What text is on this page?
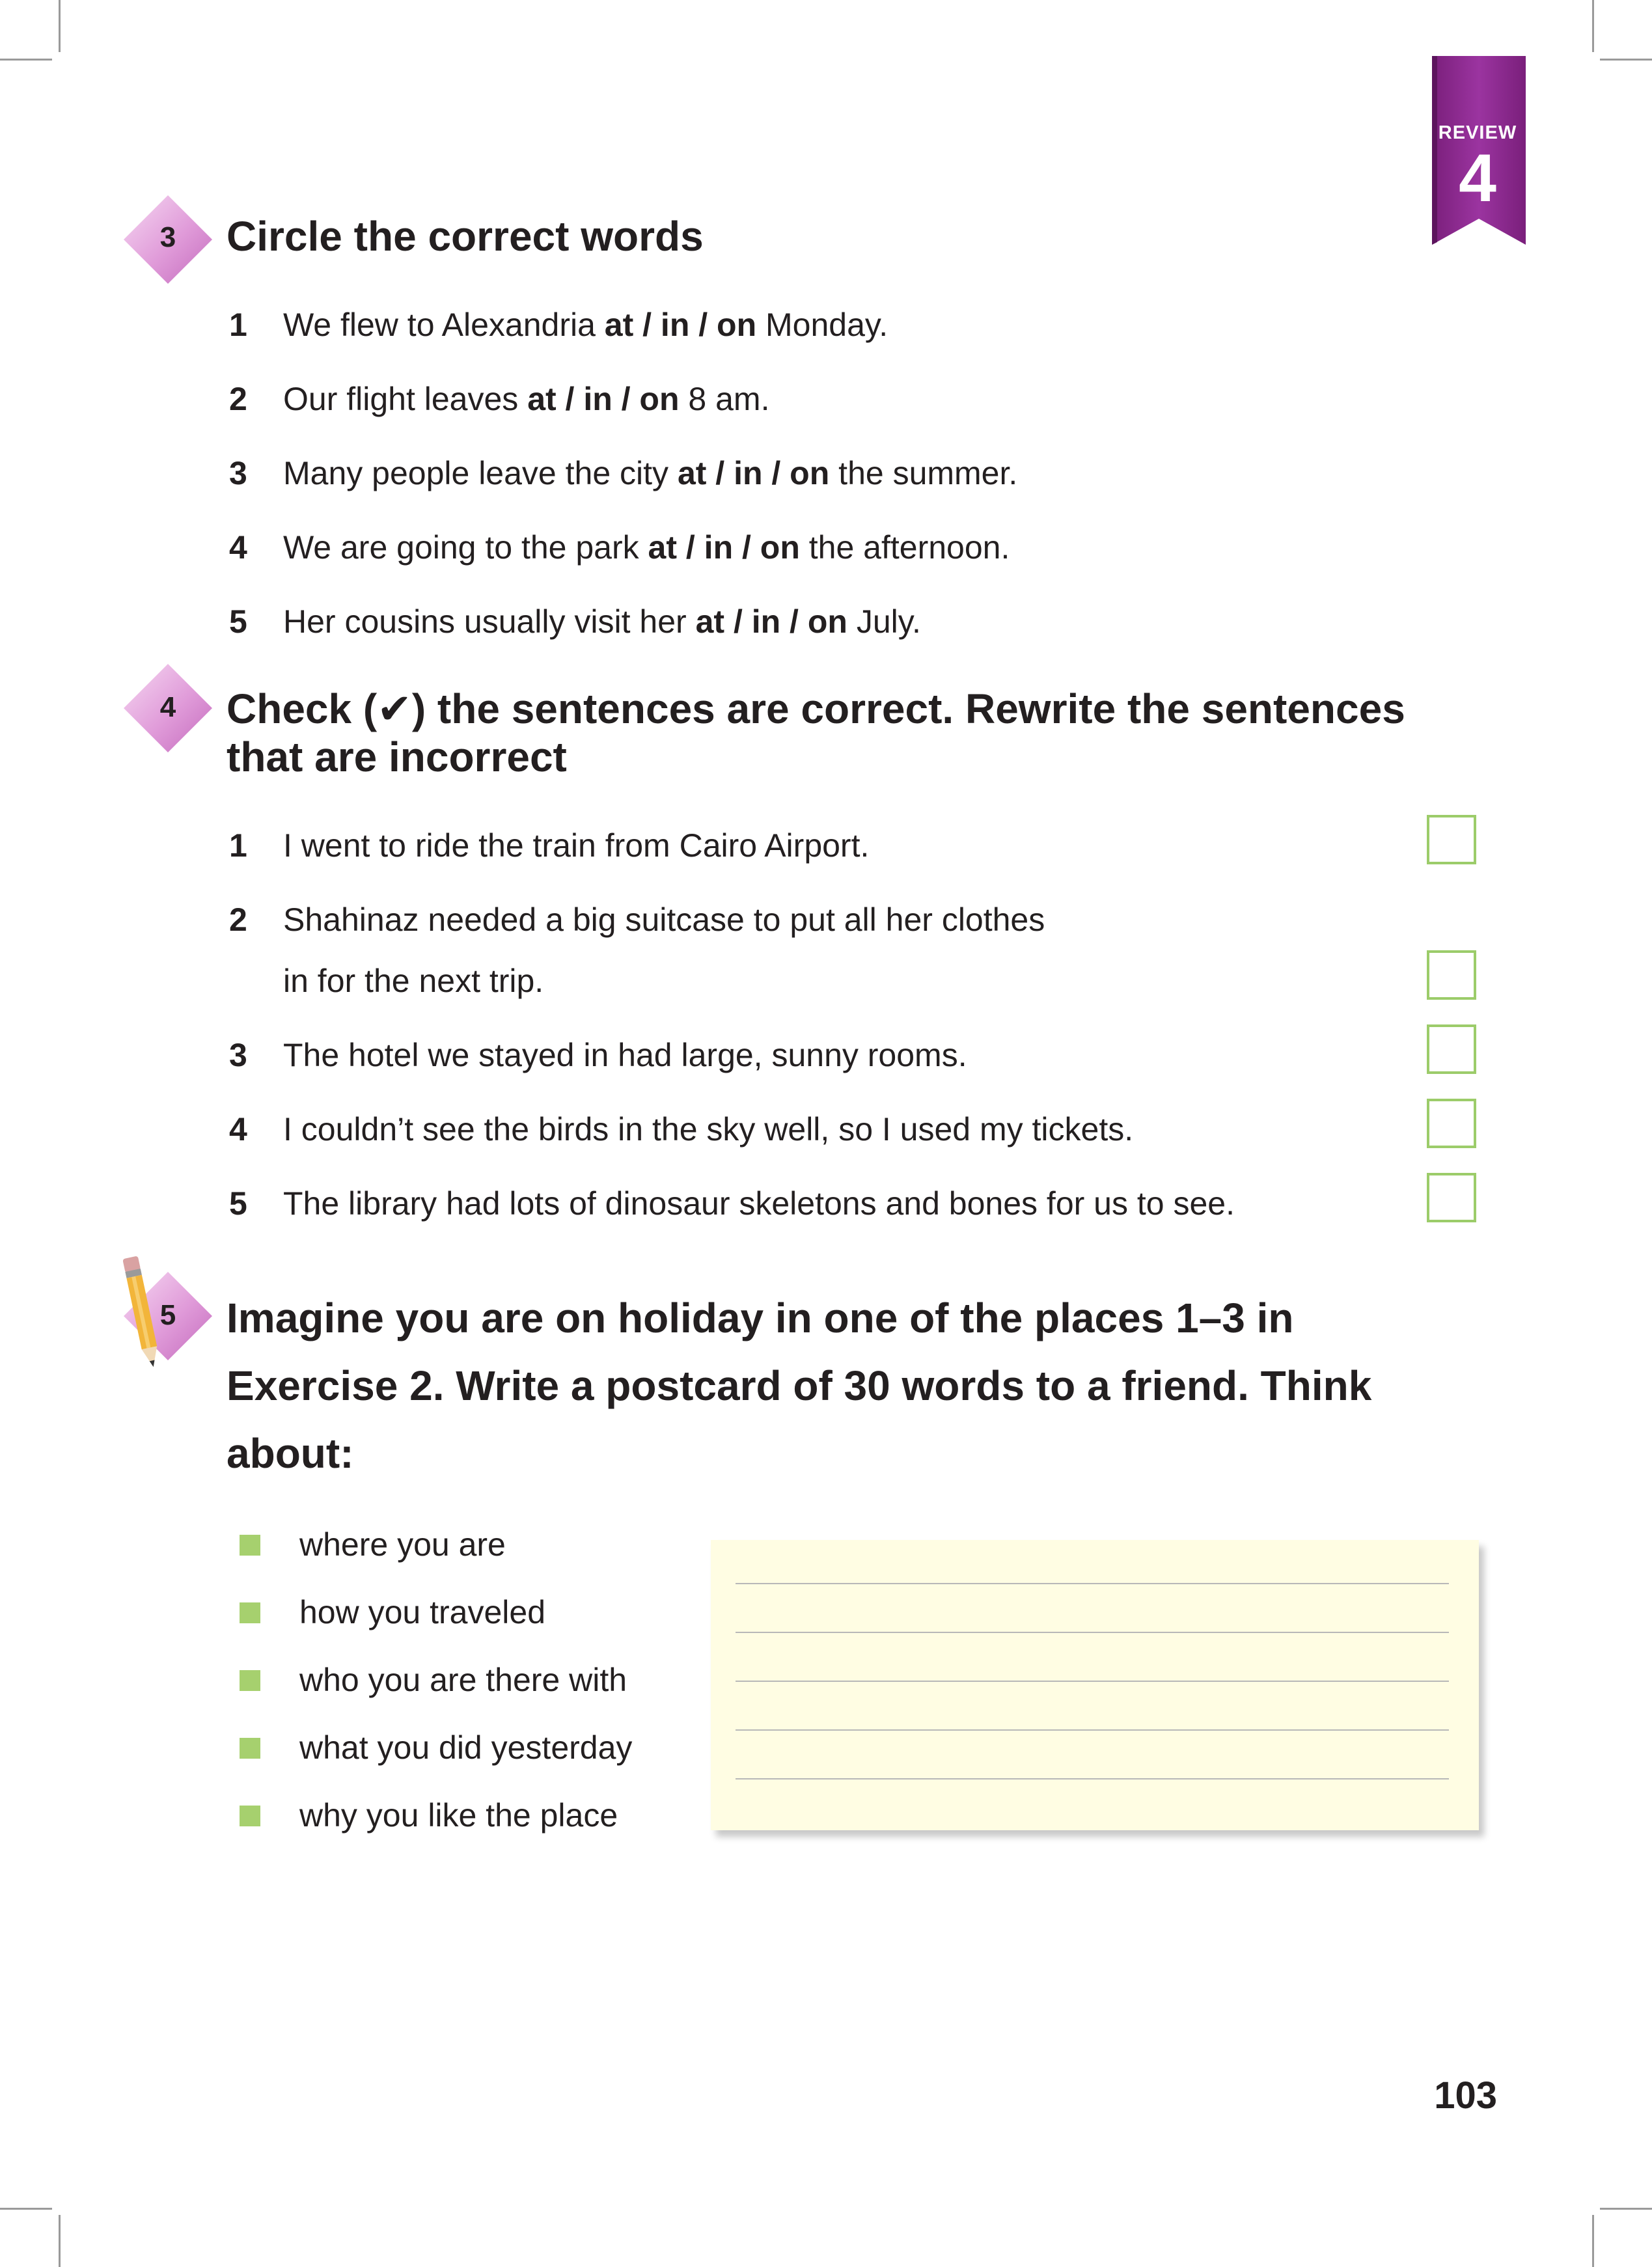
REVIEW
4
3	Circle the correct words
1 We flew to Alexandria at / in / on Monday.
2 Our flight leaves at / in / on 8 am.
3 Many people leave the city at / in / on the summer.
4 We are going to the park at / in / on the afternoon.
5 Her cousins usually visit her at / in / on July.
4	Check (✔) the sentences are correct. Rewrite the sentences
that are incorrect
1 I went to ride the train from Cairo Airport.
2 Shahinaz needed a big suitcase to put all her clothes
in for the next trip.
3 The hotel we stayed in had large, sunny rooms.
4 I couldn’t see the birds in the sky well, so I used my tickets.
5 The library had lots of dinosaur skeletons and bones for us to see.
5	Imagine you are on holiday in one of the places 1–3 in
Exercise 2. Write a postcard of 30 words to a friend. Think
about:
where you are
how you traveled
who you are there with
what you did yesterday
why you like the place
103
